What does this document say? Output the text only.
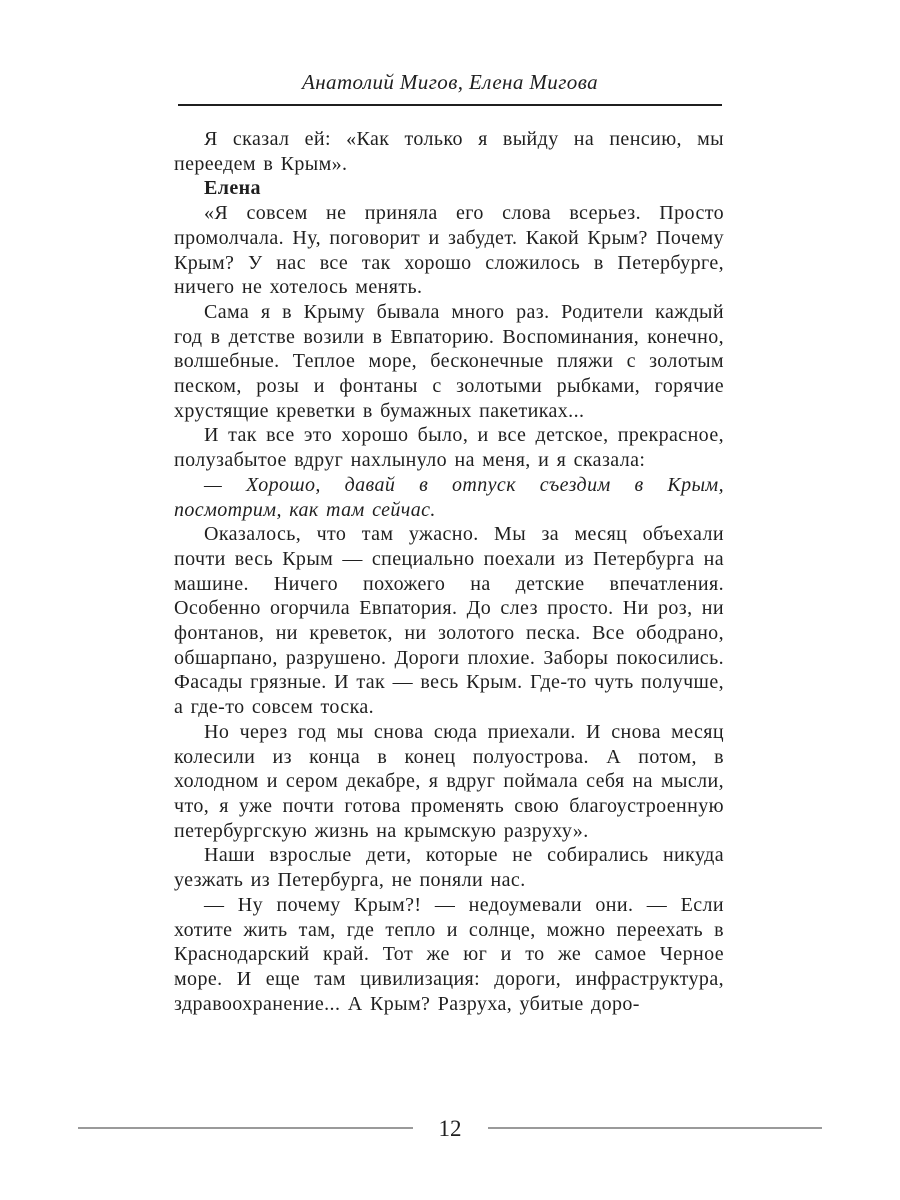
Анатолий Мигов, Елена Мигова

Я сказал ей: «Как только я выйду на пенсию, мы переедем в Крым».

Елена

«Я совсем не приняла его слова всерьез. Просто промолчала. Ну, поговорит и забудет. Какой Крым? Почему Крым? У нас все так хорошо сложилось в Петербурге, ничего не хотелось менять.

Сама я в Крыму бывала много раз. Родители каждый год в детстве возили в Евпаторию. Воспоминания, конечно, волшебные. Теплое море, бесконечные пляжи с золотым песком, розы и фонтаны с золотыми рыбками, горячие хрустящие креветки в бумажных пакетиках...

И так все это хорошо было, и все детское, прекрасное, полузабытое вдруг нахлынуло на меня, и я сказала:

— Хорошо, давай в отпуск съездим в Крым, посмотрим, как там сейчас.

Оказалось, что там ужасно. Мы за месяц объехали почти весь Крым — специально поехали из Петербурга на машине. Ничего похожего на детские впечатления. Особенно огорчила Евпатория. До слез просто. Ни роз, ни фонтанов, ни креветок, ни золотого песка. Все ободрано, обшарпано, разрушено. Дороги плохие. Заборы покосились. Фасады грязные. И так — весь Крым. Где-то чуть получше, а где-то совсем тоска.

Но через год мы снова сюда приехали. И снова месяц колесили из конца в конец полуострова. А потом, в холодном и сером декабре, я вдруг поймала себя на мысли, что, я уже почти готова променять свою благоустроенную петербургскую жизнь на крымскую разруху».

Наши взрослые дети, которые не собирались никуда уезжать из Петербурга, не поняли нас.

— Ну почему Крым?! — недоумевали они. — Если хотите жить там, где тепло и солнце, можно переехать в Краснодарский край. Тот же юг и то же самое Черное море. И еще там цивилизация: дороги, инфраструктура, здравоохранение... А Крым? Разруха, убитые доро-

12
